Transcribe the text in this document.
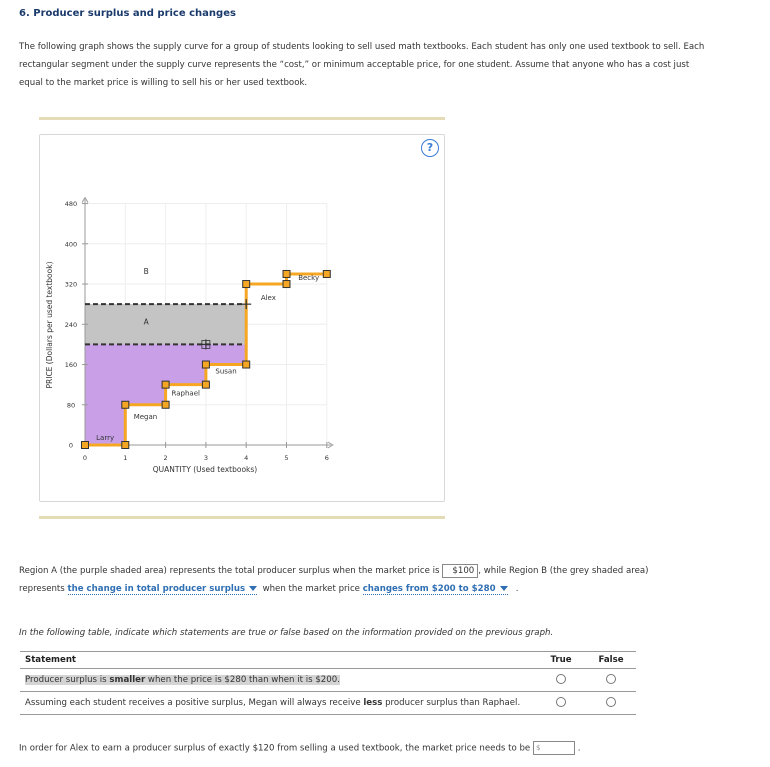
6. Producer surplus and price changes
The following graph shows the supply curve for a group of students looking to sell used math textbooks. Each student has only one used textbook to sell. Each rectangular segment under the supply curve represents the “cost,” or minimum acceptable price, for one student. Assume that anyone who has a cost just equal to the market price is willing to sell his or her used textbook.
?
0
80
160
240
320
400
480
0	1	2	3	4	5	6
QUANTITY (Used textbooks)
PRICE (Dollars per used textbook)
Larry
Megan
Raphael
Susan
Alex
Becky
A
B
Region A (the purple shaded area) represents the total producer surplus when the market price is $100 , while Region B (the grey shaded area)
represents the change in total producer surplus when the market price changes from $200 to $280 .
In the following table, indicate which statements are true or false based on the information provided on the previous graph.
Statement	True	False
Producer surplus is smaller when the price is $280 than when it is $200.		
Assuming each student receives a positive surplus, Megan will always receive less producer surplus than Raphael.		
In order for Alex to earn a producer surplus of exactly $120 from selling a used textbook, the market price needs to be $	.
